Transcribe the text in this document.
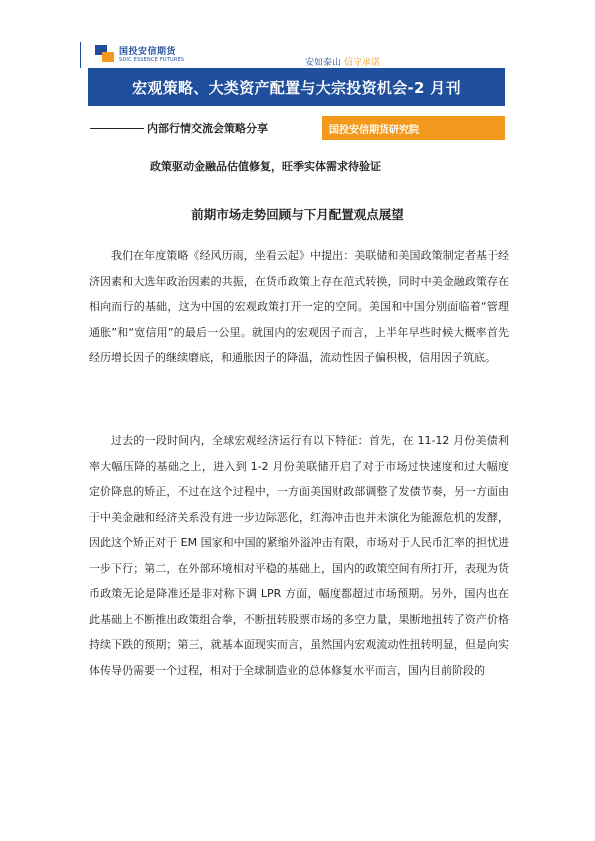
国投安信期货
SDIC ESSENCE FUTURES	安如泰山 信守承诺
宏观策略、大类资产配置与大宗投资机会-2 月刊
内部行情交流会策略分享	国投安信期货研究院
政策驱动金融品估值修复，旺季实体需求待验证
前期市场走势回顾与下月配置观点展望

我们在年度策略《经风历雨，坐看云起》中提出：美联储和美国政策制定者基于经济因素和大选年政治因素的共振，在货币政策上存在范式转换，同时中美金融政策存在相向而行的基础，这为中国的宏观政策打开一定的空间。美国和中国分别面临着“管理通胀”和“宽信用”的最后一公里。就国内的宏观因子而言，上半年早些时候大概率首先经历增长因子的继续磨底，和通胀因子的降温，流动性因子偏积极，信用因子筑底。

过去的一段时间内，全球宏观经济运行有以下特征：首先，在 11-12 月份美债利率大幅压降的基础之上，进入到 1-2 月份美联储开启了对于市场过快速度和过大幅度定价降息的矫正，不过在这个过程中，一方面美国财政部调整了发债节奏，另一方面由于中美金融和经济关系没有进一步边际恶化，红海冲击也并未演化为能源危机的发酵，因此这个矫正对于 EM 国家和中国的紧缩外溢冲击有限，市场对于人民币汇率的担忧进一步下行；第二，在外部环境相对平稳的基础上，国内的政策空间有所打开，表现为货币政策无论是降准还是非对称下调 LPR 方面，幅度都超过市场预期。另外，国内也在此基础上不断推出政策组合拳，不断扭转股票市场的多空力量，果断地扭转了资产价格持续下跌的预期；第三，就基本面现实而言，虽然国内宏观流动性扭转明显，但是向实体传导仍需要一个过程，相对于全球制造业的总体修复水平而言，国内目前阶段的
